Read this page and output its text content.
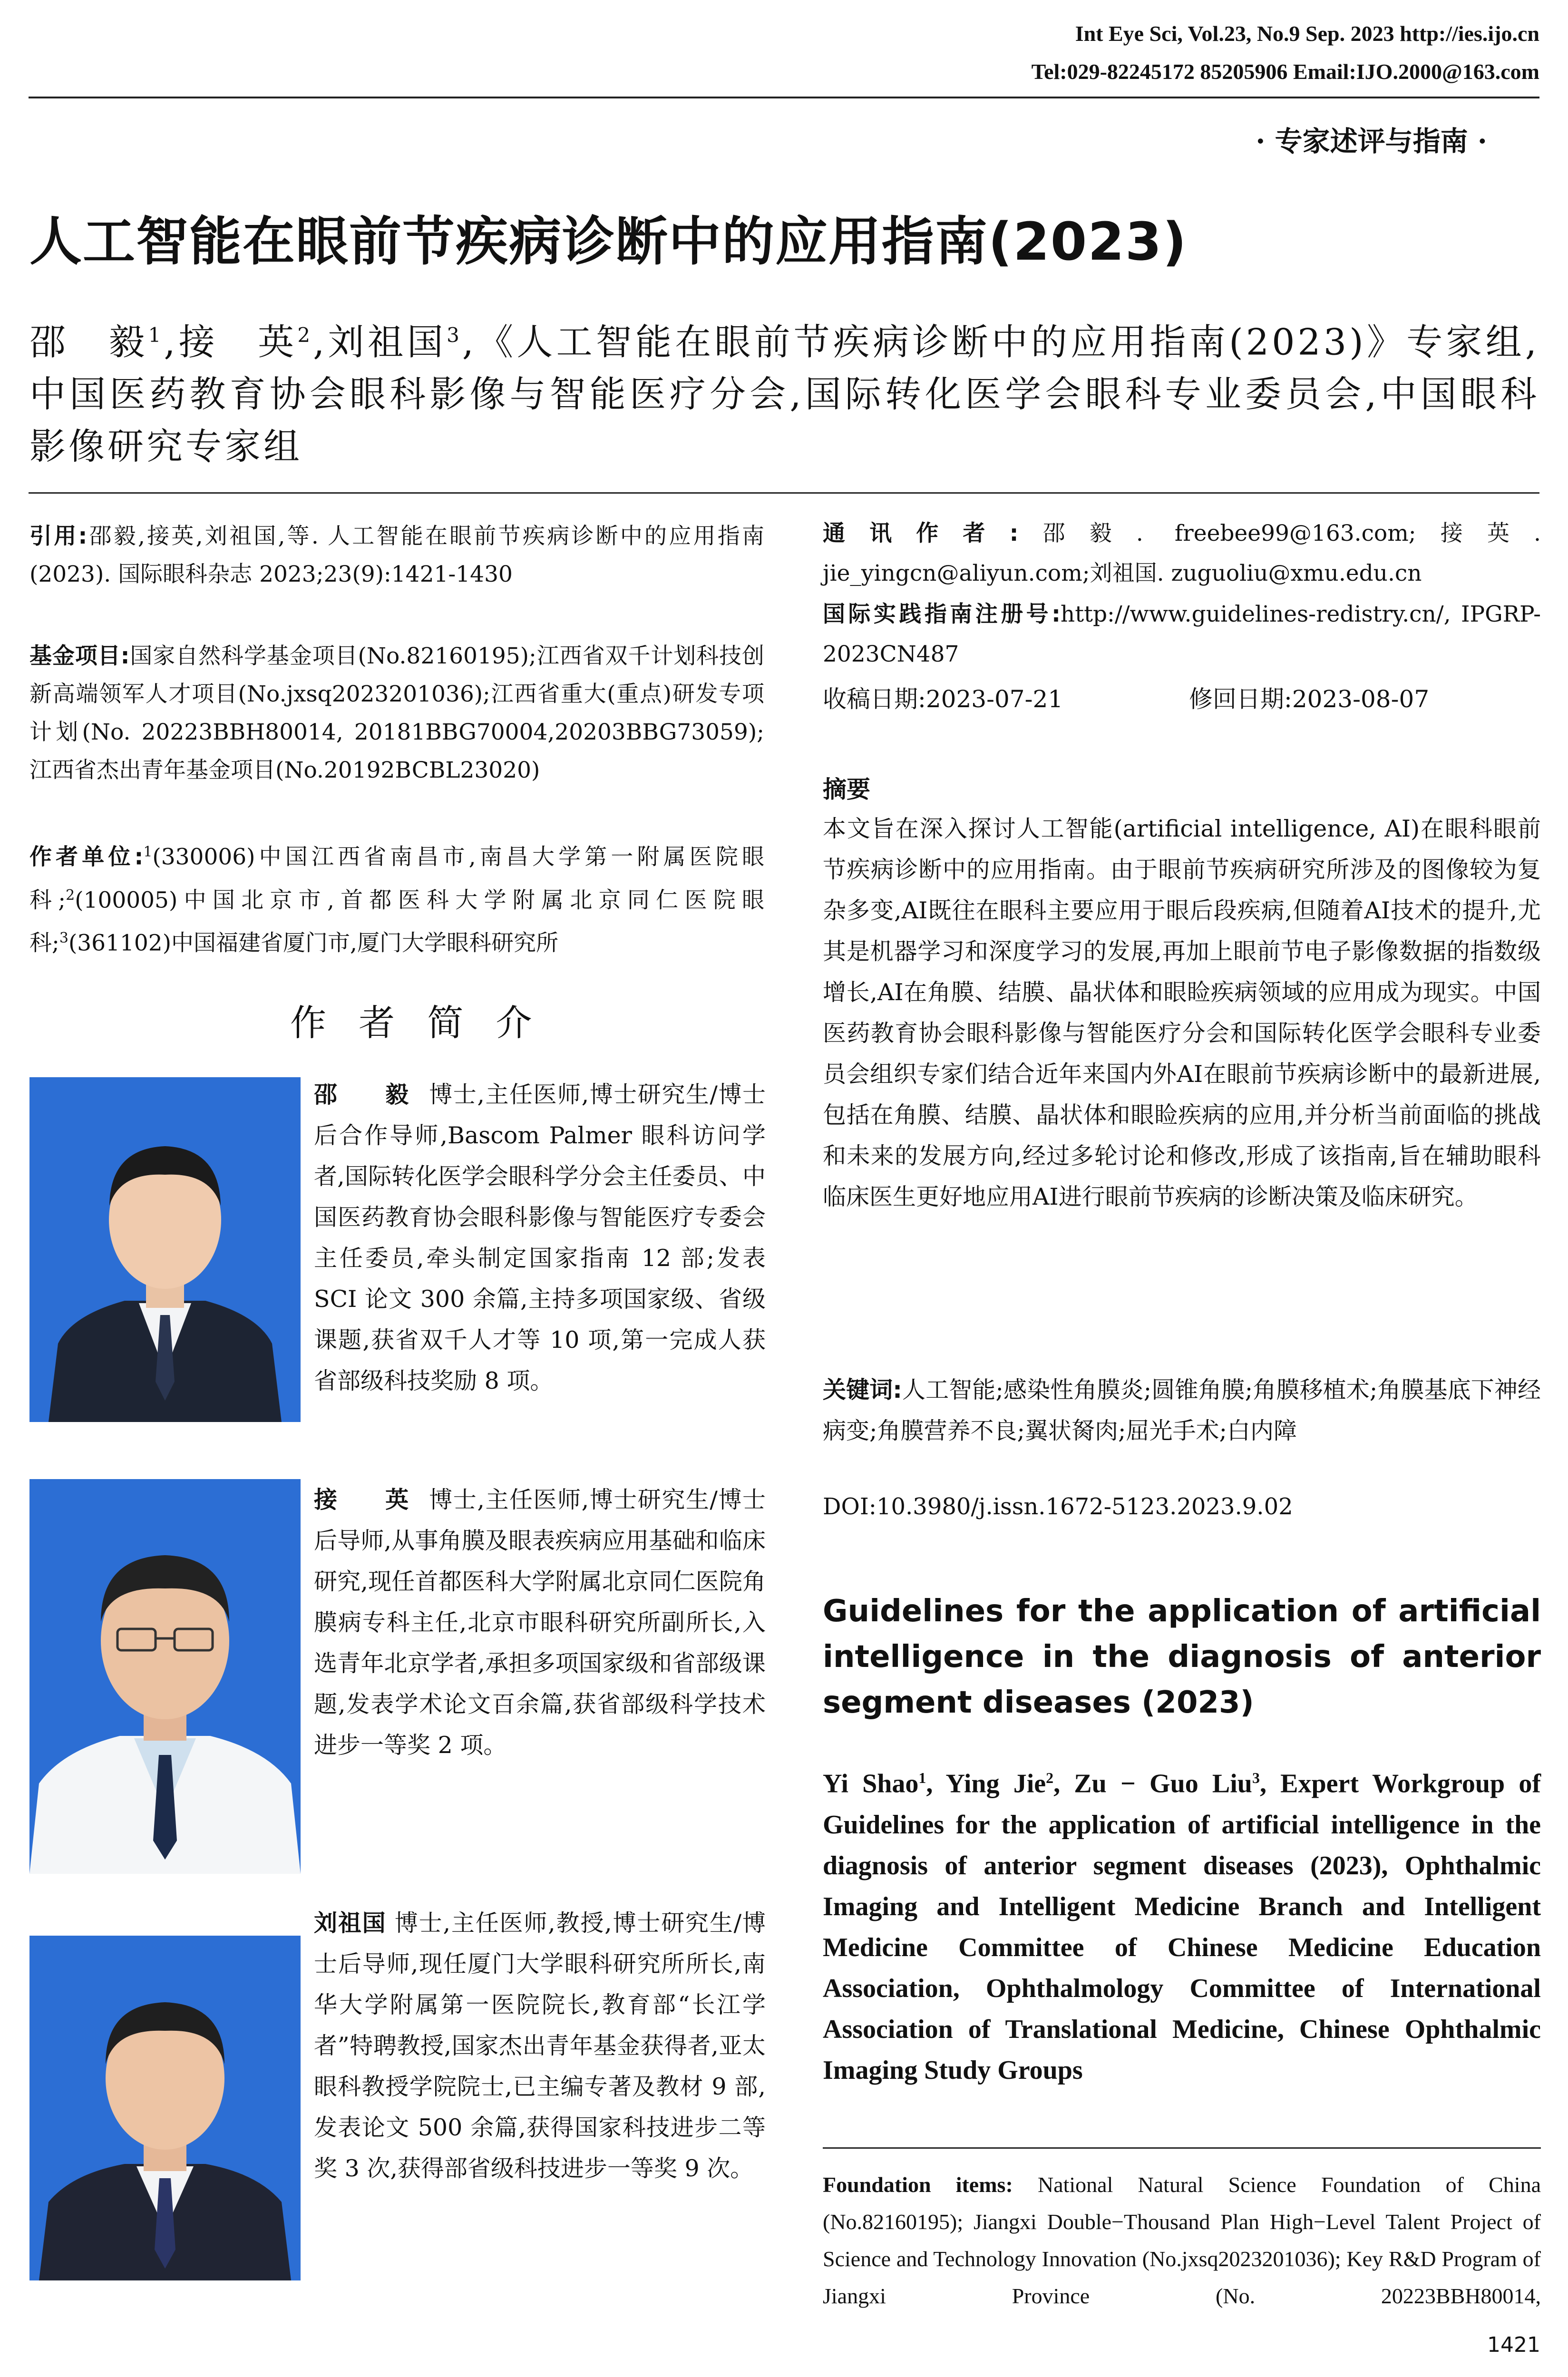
Int Eye Sci, Vol.23, No.9 Sep. 2023 http://ies.ijo.cn
Tel:029-82245172 85205906 Email:IJO.2000@163.com
· 专家述评与指南 ·
人工智能在眼前节疾病诊断中的应用指南(2023)
邵　毅$^1$,接　英$^2$,刘祖国$^3$,《人工智能在眼前节疾病诊断中的应用指南(2023)》专家组,中国医药教育协会眼科影像与智能医疗分会,国际转化医学会眼科专业委员会,中国眼科影像研究专家组
引用:邵毅,接英,刘祖国,等. 人工智能在眼前节疾病诊断中的应用指南(2023). 国际眼科杂志 2023;23(9):1421-1430
基金项目:国家自然科学基金项目(No.82160195);江西省双千计划科技创新高端领军人才项目(No.jxsq2023201036);江西省重大(重点)研发专项计划(No. 20223BBH80014, 20181BBG70004,20203BBG73059);江西省杰出青年基金项目(No.20192BCBL23020)
作者单位:$^1$(330006)中国江西省南昌市,南昌大学第一附属医院眼科;$^2$(100005)中国北京市,首都医科大学附属北京同仁医院眼科;$^3$(361102)中国福建省厦门市,厦门大学眼科研究所
作 者 简 介
邵　毅 博士,主任医师,博士研究生/博士后合作导师,Bascom Palmer 眼科访问学者,国际转化医学会眼科学分会主任委员、中国医药教育协会眼科影像与智能医疗专委会主任委员,牵头制定国家指南 12 部;发表 SCI 论文 300 余篇,主持多项国家级、省级课题,获省双千人才等 10 项,第一完成人获省部级科技奖励 8 项。
接　英 博士,主任医师,博士研究生/博士后导师,从事角膜及眼表疾病应用基础和临床研究,现任首都医科大学附属北京同仁医院角膜病专科主任,北京市眼科研究所副所长,入选青年北京学者,承担多项国家级和省部级课题,发表学术论文百余篇,获省部级科学技术进步一等奖 2 项。
刘祖国 博士,主任医师,教授,博士研究生/博士后导师,现任厦门大学眼科研究所所长,南华大学附属第一医院院长,教育部“长江学者”特聘教授,国家杰出青年基金获得者,亚太眼科教授学院院士,已主编专著及教材 9 部,发表论文 500 余篇,获得国家科技进步二等奖 3 次,获得部省级科技进步一等奖 9 次。
通讯作者:邵毅. freebee99@163.com;接英. jie_yingcn@aliyun.com;刘祖国. zuguoliu@xmu.edu.cn
国际实践指南注册号:http://www.guidelines-redistry.cn/, IPGRP-2023CN487
收稿日期:2023-07-21	修回日期:2023-08-07
摘要
本文旨在深入探讨人工智能(artificial intelligence, AI)在眼科眼前节疾病诊断中的应用指南。由于眼前节疾病研究所涉及的图像较为复杂多变,AI既往在眼科主要应用于眼后段疾病,但随着AI技术的提升,尤其是机器学习和深度学习的发展,再加上眼前节电子影像数据的指数级增长,AI在角膜、结膜、晶状体和眼睑疾病领域的应用成为现实。中国医药教育协会眼科影像与智能医疗分会和国际转化医学会眼科专业委员会组织专家们结合近年来国内外AI在眼前节疾病诊断中的最新进展,包括在角膜、结膜、晶状体和眼睑疾病的应用,并分析当前面临的挑战和未来的发展方向,经过多轮讨论和修改,形成了该指南,旨在辅助眼科临床医生更好地应用AI进行眼前节疾病的诊断决策及临床研究。
关键词:人工智能;感染性角膜炎;圆锥角膜;角膜移植术;角膜基底下神经病变;角膜营养不良;翼状胬肉;屈光手术;白内障
DOI:10.3980/j.issn.1672-5123.2023.9.02
Guidelines for the application of artificial intelligence in the diagnosis of anterior segment diseases (2023)
Yi Shao$^1$, Ying Jie$^2$, Zu − Guo Liu$^3$, Expert Workgroup of Guidelines for the application of artificial intelligence in the diagnosis of anterior segment diseases (2023), Ophthalmic Imaging and Intelligent Medicine Branch and Intelligent Medicine Committee of Chinese Medicine Education Association, Ophthalmology Committee of International Association of Translational Medicine, Chinese Ophthalmic Imaging Study Groups
Foundation items: National Natural Science Foundation of China (No.82160195); Jiangxi Double−Thousand Plan High−Level Talent Project of Science and Technology Innovation (No.jxsq2023201036); Key R&D Program of Jiangxi Province (No. 20223BBH80014,
1421
